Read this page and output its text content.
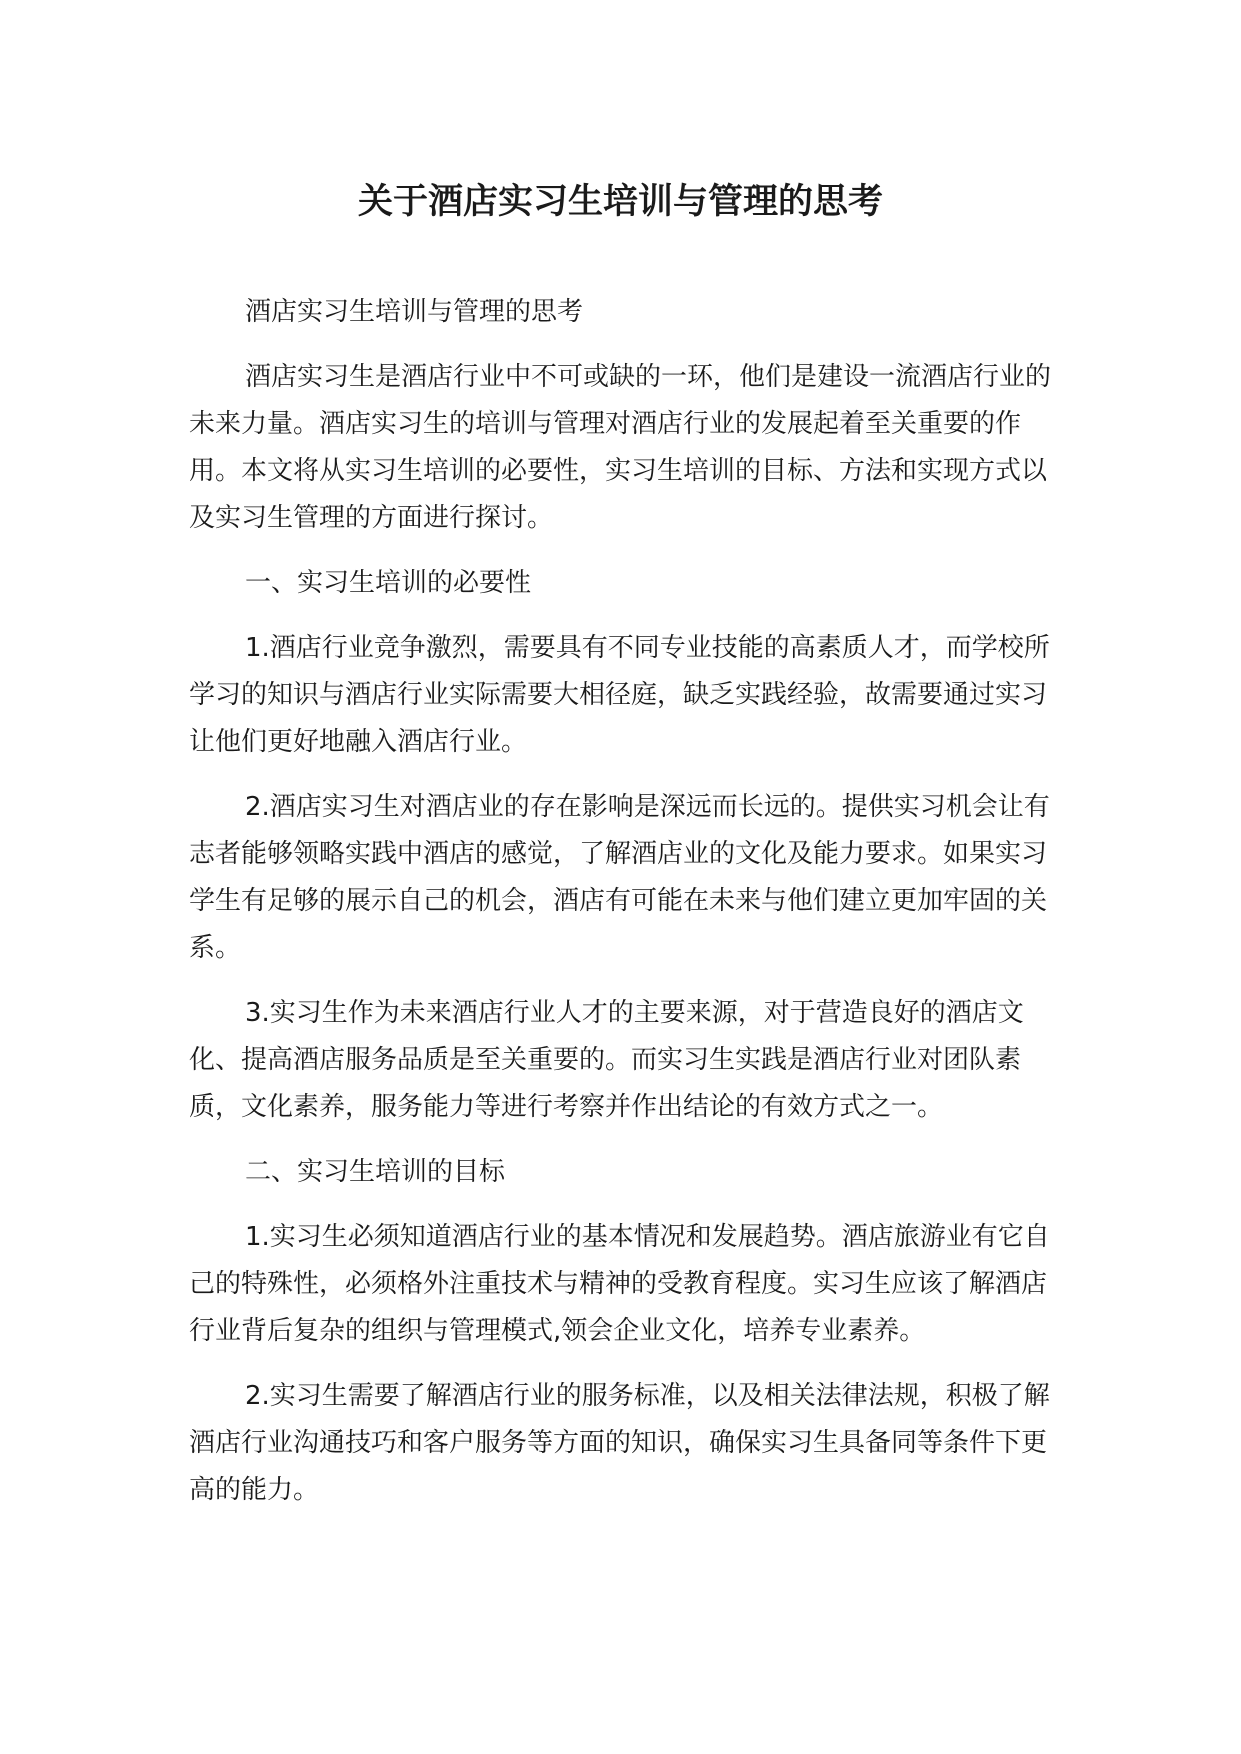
关于酒店实习生培训与管理的思考

酒店实习生培训与管理的思考

酒店实习生是酒店行业中不可或缺的一环，他们是建设一流酒店行业的未来力量。酒店实习生的培训与管理对酒店行业的发展起着至关重要的作用。本文将从实习生培训的必要性，实习生培训的目标、方法和实现方式以及实习生管理的方面进行探讨。

一、实习生培训的必要性

1.酒店行业竞争激烈，需要具有不同专业技能的高素质人才，而学校所学习的知识与酒店行业实际需要大相径庭，缺乏实践经验，故需要通过实习让他们更好地融入酒店行业。

2.酒店实习生对酒店业的存在影响是深远而长远的。提供实习机会让有志者能够领略实践中酒店的感觉，了解酒店业的文化及能力要求。如果实习学生有足够的展示自己的机会，酒店有可能在未来与他们建立更加牢固的关系。

3.实习生作为未来酒店行业人才的主要来源，对于营造良好的酒店文化、提高酒店服务品质是至关重要的。而实习生实践是酒店行业对团队素质，文化素养，服务能力等进行考察并作出结论的有效方式之一。

二、实习生培训的目标

1.实习生必须知道酒店行业的基本情况和发展趋势。酒店旅游业有它自己的特殊性，必须格外注重技术与精神的受教育程度。实习生应该了解酒店行业背后复杂的组织与管理模式,领会企业文化，培养专业素养。

2.实习生需要了解酒店行业的服务标准，以及相关法律法规，积极了解酒店行业沟通技巧和客户服务等方面的知识，确保实习生具备同等条件下更高的能力。
